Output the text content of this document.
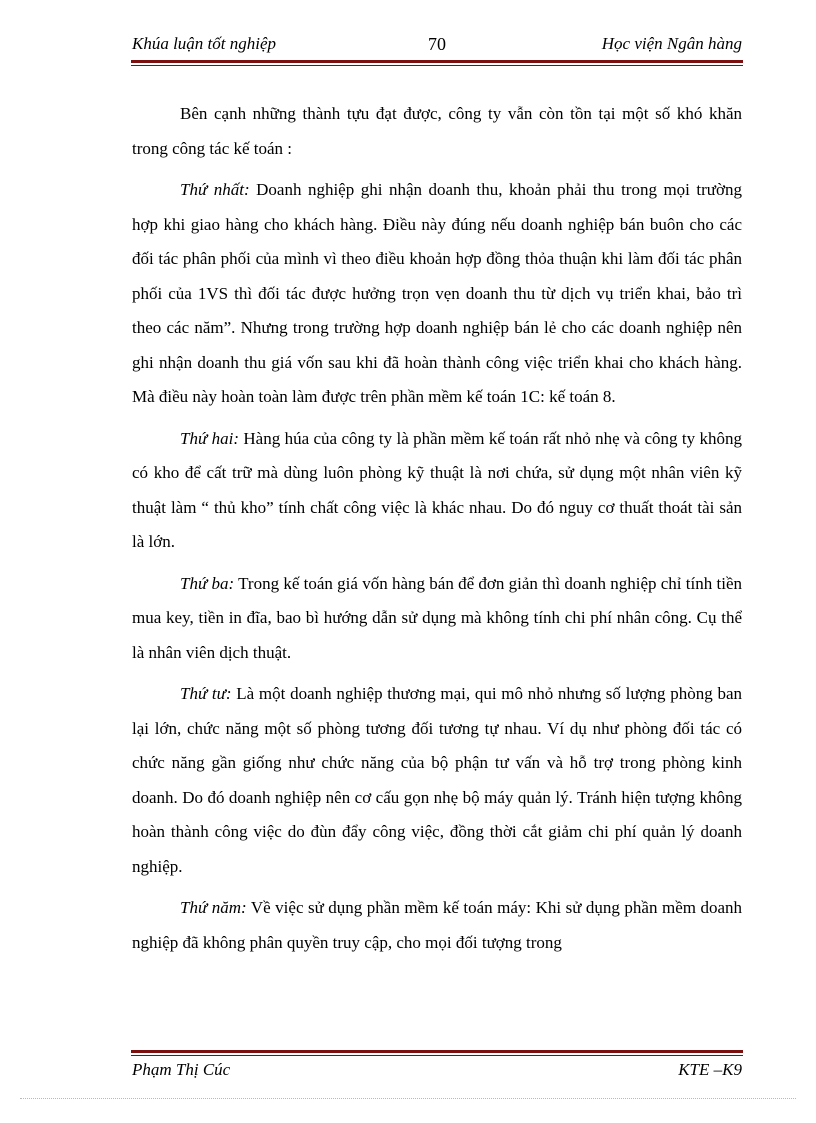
Khúa luận tốt nghiệp	70	Học viện Ngân hàng

Bên cạnh những thành tựu đạt được, công ty vẫn còn tồn tại một số khó khăn trong công tác kế toán :

Thứ nhất: Doanh nghiệp ghi nhận doanh thu, khoản phải thu trong mọi trường hợp khi giao hàng cho khách hàng. Điều này đúng nếu doanh nghiệp bán buôn cho các đối tác phân phối của mình vì theo điều khoản hợp đồng thỏa thuận khi làm đối tác phân phối của 1VS thì đối tác được hưởng trọn vẹn doanh thu từ dịch vụ triển khai, bảo trì theo các năm”. Nhưng trong trường hợp doanh nghiệp bán lẻ cho các doanh nghiệp nên ghi nhận doanh thu giá vốn sau khi đã hoàn thành công việc triển khai cho khách hàng. Mà điều này hoàn toàn làm được trên phần mềm kế toán 1C: kế toán 8.

Thứ hai: Hàng húa của công ty là phần mềm kế toán rất nhỏ nhẹ và công ty không có kho để cất trữ mà dùng luôn phòng kỹ thuật là nơi chứa, sử dụng một nhân viên kỹ thuật làm “ thủ kho” tính chất công việc là khác nhau. Do đó nguy cơ thuất thoát tài sản là lớn.

Thứ ba: Trong kế toán giá vốn hàng bán để đơn giản thì doanh nghiệp chỉ tính tiền mua key, tiền in đĩa, bao bì hướng dẫn sử dụng mà không tính chi phí nhân công. Cụ thể là nhân viên dịch thuật.

Thứ tư: Là một doanh nghiệp thương mại, qui mô nhỏ nhưng số lượng phòng ban lại lớn, chức năng một số phòng tương đối tương tự nhau. Ví dụ như phòng đối tác có chức năng gần giống như chức năng của bộ phận tư vấn và hỗ trợ trong phòng kinh doanh. Do đó doanh nghiệp nên cơ cấu gọn nhẹ bộ máy quản lý. Tránh hiện tượng không hoàn thành công việc do đùn đẩy công việc, đồng thời cắt giảm chi phí quản lý doanh nghiệp.

Thứ năm: Về việc sử dụng phần mềm kế toán máy: Khi sử dụng phần mềm doanh nghiệp đã không phân quyền truy cập, cho mọi đối tượng trong

Phạm Thị Cúc	KTE –K9
